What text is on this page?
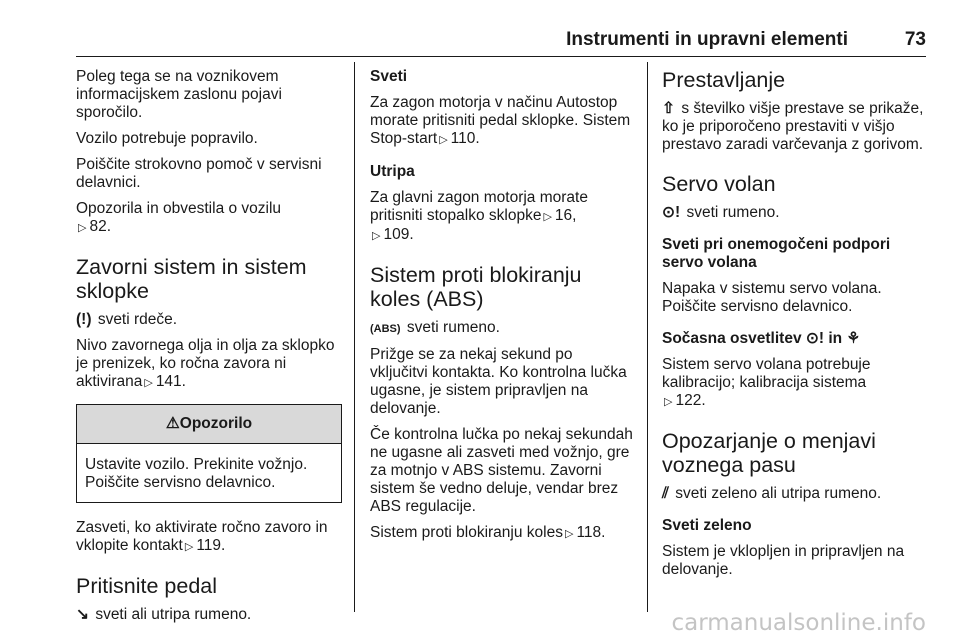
Instrumenti in upravni elementi	73

Poleg tega se na voznikovem informacijskem zaslonu pojavi sporočilo.

Vozilo potrebuje popravilo.

Poiščite strokovno pomoč v servisni delavnici.

Opozorila in obvestila o vozilu
▷ 82.

Zavorni sistem in sistem sklopke

(!) sveti rdeče.

Nivo zavornega olja in olja za sklopko je prenizek, ko ročna zavora ni aktivirana ▷ 141.

⚠Opozorilo
Ustavite vozilo. Prekinite vožnjo. Poiščite servisno delavnico.

Zasveti, ko aktivirate ročno zavoro in vklopite kontakt ▷ 119.

Pritisnite pedal

↘ sveti ali utripa rumeno.

Sveti

Za zagon motorja v načinu Autostop morate pritisniti pedal sklopke. Sistem Stop-start ▷ 110.

Utripa

Za glavni zagon motorja morate pritisniti stopalko sklopke ▷ 16,
▷ 109.

Sistem proti blokiranju koles (ABS)

(ABS) sveti rumeno.

Prižge se za nekaj sekund po vključitvi kontakta. Ko kontrolna lučka ugasne, je sistem pripravljen na delovanje.

Če kontrolna lučka po nekaj sekundah ne ugasne ali zasveti med vožnjo, gre za motnjo v ABS sistemu. Zavorni sistem še vedno deluje, vendar brez ABS regulacije.

Sistem proti blokiranju koles ▷ 118.

Prestavljanje

⇧ s številko višje prestave se prikaže, ko je priporočeno prestaviti v višjo prestavo zaradi varčevanja z gorivom.

Servo volan

⊙! sveti rumeno.

Sveti pri onemogočeni podpori servo volana

Napaka v sistemu servo volana. Poiščite servisno delavnico.

Sočasna osvetlitev ⊙! in ⚘

Sistem servo volana potrebuje kalibracijo; kalibracija sistema
▷ 122.

Opozarjanje o menjavi voznega pasu

⫽ sveti zeleno ali utripa rumeno.

Sveti zeleno

Sistem je vklopljen in pripravljen na delovanje.

carmanualsonline.info
